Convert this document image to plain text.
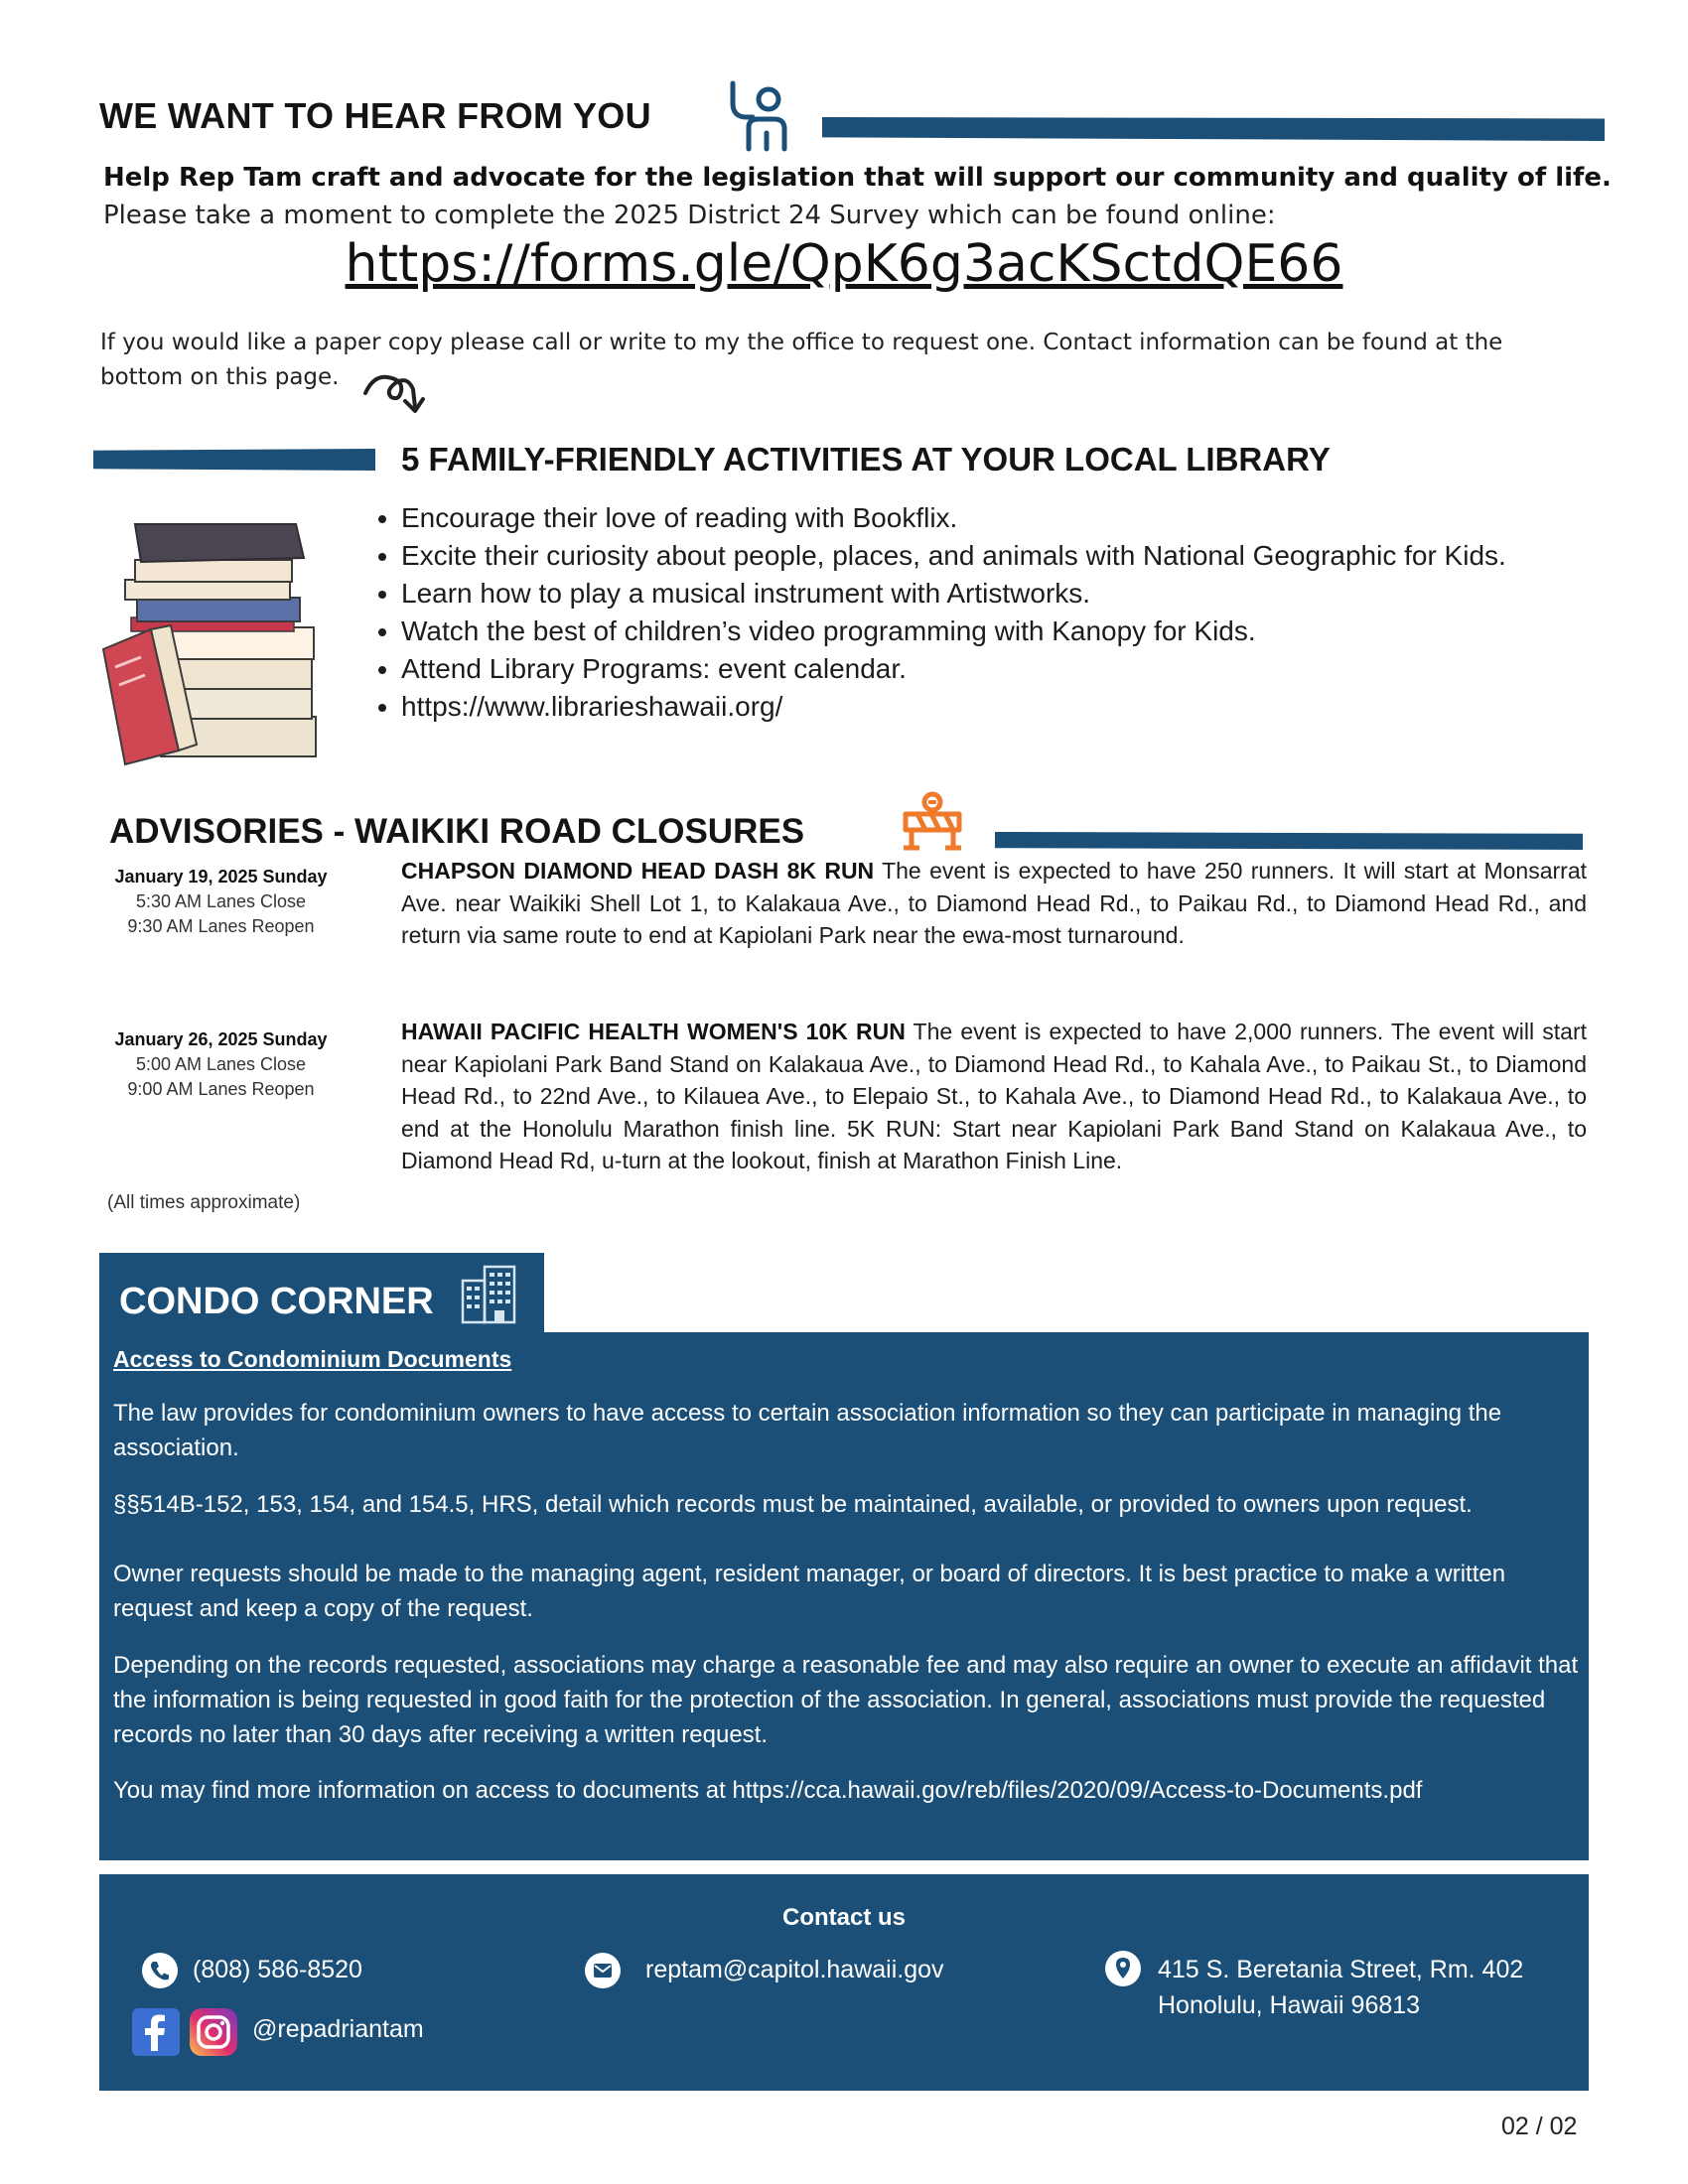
WE WANT TO HEAR FROM YOU
Help Rep Tam craft and advocate for the legislation that will support our community and quality of life. Please take a moment to complete the 2025 District 24 Survey which can be found online:
https://forms.gle/QpK6g3acKSctdQE66
If you would like a paper copy please call or write to my the office to request one. Contact information can be found at the bottom on this page.
5 FAMILY-FRIENDLY ACTIVITIES AT YOUR LOCAL LIBRARY
• Encourage their love of reading with Bookflix.
• Excite their curiosity about people, places, and animals with National Geographic for Kids.
• Learn how to play a musical instrument with Artistworks.
• Watch the best of children’s video programming with Kanopy for Kids.
• Attend Library Programs: event calendar.
• https://www.librarieshawaii.org/
ADVISORIES - WAIKIKI ROAD CLOSURES
January 19, 2025 Sunday
5:30 AM Lanes Close
9:30 AM Lanes Reopen

CHAPSON DIAMOND HEAD DASH 8K RUN The event is expected to have 250 runners. It will start at Monsarrat Ave. near Waikiki Shell Lot 1, to Kalakaua Ave., to Diamond Head Rd., to Paikau Rd., to Diamond Head Rd., and return via same route to end at Kapiolani Park near the ewa-most turnaround.

January 26, 2025 Sunday
5:00 AM Lanes Close
9:00 AM Lanes Reopen

HAWAII PACIFIC HEALTH WOMEN'S 10K RUN The event is expected to have 2,000 runners. The event will start near Kapiolani Park Band Stand on Kalakaua Ave., to Diamond Head Rd., to Kahala Ave., to Paikau St., to Diamond Head Rd., to 22nd Ave., to Kilauea Ave., to Elepaio St., to Kahala Ave., to Diamond Head Rd., to Kalakaua Ave., to end at the Honolulu Marathon finish line. 5K RUN: Start near Kapiolani Park Band Stand on Kalakaua Ave., to Diamond Head Rd, u-turn at the lookout, finish at Marathon Finish Line.

(All times approximate)
CONDO CORNER
Access to Condominium Documents

The law provides for condominium owners to have access to certain association information so they can participate in managing the association.

§§514B-152, 153, 154, and 154.5, HRS, detail which records must be maintained, available, or provided to owners upon request.

Owner requests should be made to the managing agent, resident manager, or board of directors. It is best practice to make a written request and keep a copy of the request.

Depending on the records requested, associations may charge a reasonable fee and may also require an owner to execute an affidavit that the information is being requested in good faith for the protection of the association. In general, associations must provide the requested records no later than 30 days after receiving a written request.

You may find more information on access to documents at https://cca.hawaii.gov/reb/files/2020/09/Access-to-Documents.pdf

Contact us
(808) 586-8520	reptam@capitol.hawaii.gov	415 S. Beretania Street, Rm. 402
Honolulu, Hawaii 96813
@repadriantam
02 / 02
